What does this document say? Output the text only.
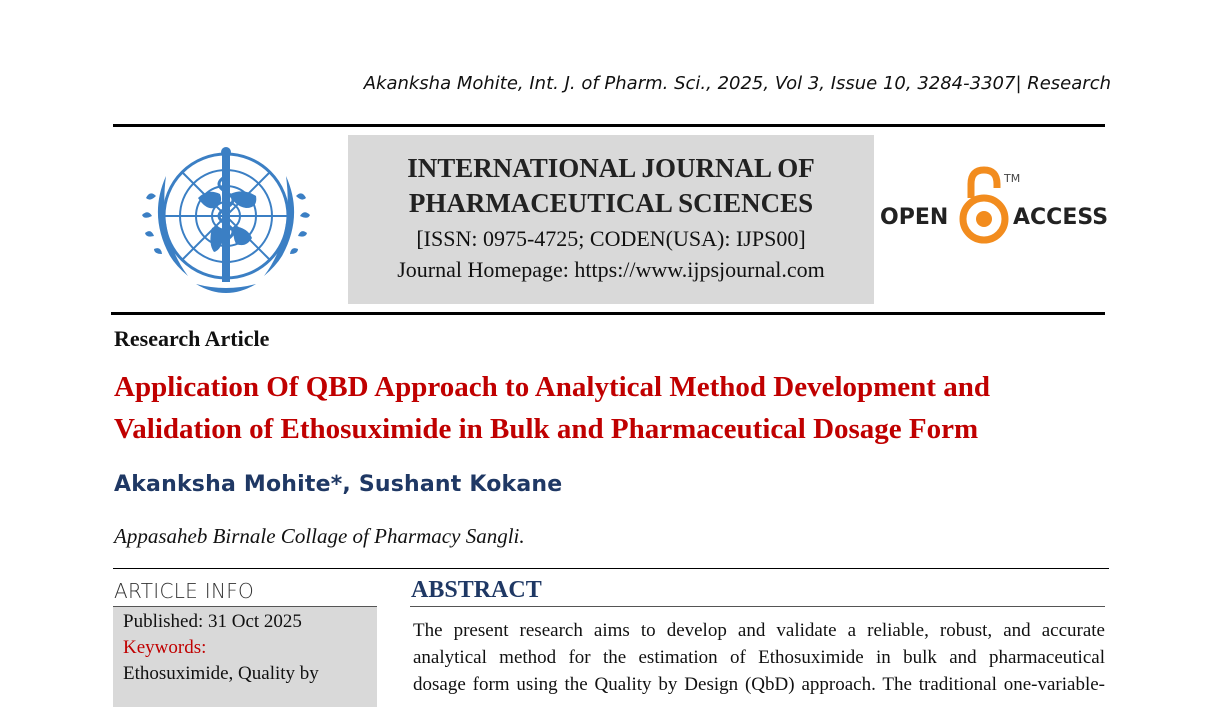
Akanksha Mohite, Int. J. of Pharm. Sci., 2025, Vol 3, Issue 10, 3284-3307| Research
INTERNATIONAL JOURNAL OF
PHARMACEUTICAL SCIENCES
[ISSN: 0975-4725; CODEN(USA): IJPS00]
Journal Homepage: https://www.ijpsjournal.com
OPEN	ACCESS
TM
Research Article
Application Of QBD Approach to Analytical Method Development and
Validation of Ethosuximide in Bulk and Pharmaceutical Dosage Form
Akanksha Mohite*, Sushant Kokane
Appasaheb Birnale Collage of Pharmacy Sangli.
ARTICLE INFO
Published: 31 Oct 2025
Keywords:
Ethosuximide, Quality by
ABSTRACT
The present research aims to develop and validate a reliable, robust, and accurate
analytical method for the estimation of Ethosuximide in bulk and pharmaceutical
dosage form using the Quality by Design (QbD) approach. The traditional one-variable-
